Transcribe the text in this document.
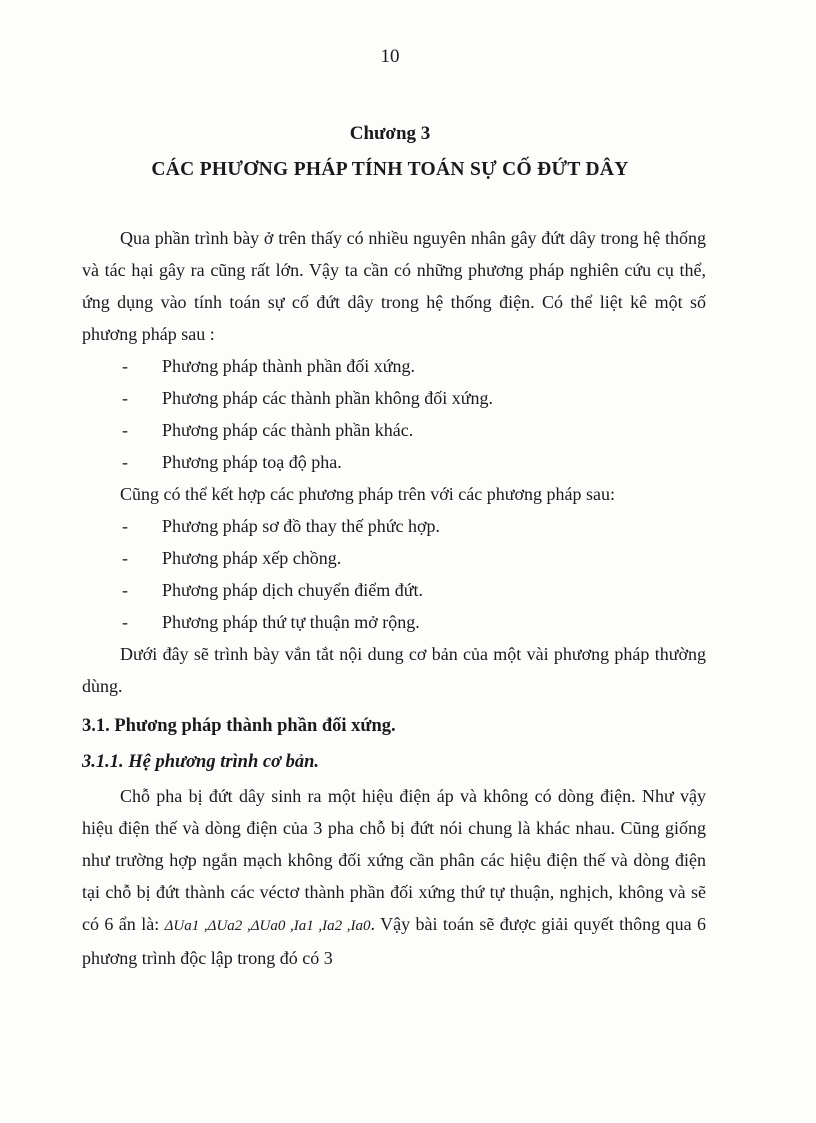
10
Chương 3
CÁC PHƯƠNG PHÁP TÍNH TOÁN SỰ CỐ ĐỨT DÂY

Qua phần trình bày ở trên thấy có nhiều nguyên nhân gây đứt dây trong hệ thống và tác hại gây ra cũng rất lớn. Vậy ta cần có những phương pháp nghiên cứu cụ thể, ứng dụng vào tính toán sự cố đứt dây trong hệ thống điện. Có thể liệt kê một số phương pháp sau :

- Phương pháp thành phần đối xứng.
- Phương pháp các thành phần không đối xứng.
- Phương pháp các thành phần khác.
- Phương pháp toạ độ pha.

Cũng có thể kết hợp các phương pháp trên với các phương pháp sau:

- Phương pháp sơ đồ thay thế phức hợp.
- Phương pháp xếp chồng.
- Phương pháp dịch chuyển điểm đứt.
- Phương pháp thứ tự thuận mở rộng.

Dưới đây sẽ trình bày vắn tắt nội dung cơ bản của một vài phương pháp thường dùng.

3.1. Phương pháp thành phần đối xứng.

3.1.1. Hệ phương trình cơ bản.

Chỗ pha bị đứt dây sinh ra một hiệu điện áp và không có dòng điện. Như vậy hiệu điện thế và dòng điện của 3 pha chỗ bị đứt nói chung là khác nhau. Cũng giống như trường hợp ngắn mạch không đối xứng cần phân các hiệu điện thế và dòng điện tại chỗ bị đứt thành các véctơ thành phần đối xứng thứ tự thuận, nghịch, không và sẽ có 6 ẩn là: ΔUa1 ,ΔUa2 ,ΔUa0 ,Ia1 ,Ia2 ,Ia0. Vậy bài toán sẽ được giải quyết thông qua 6 phương trình độc lập trong đó có 3
